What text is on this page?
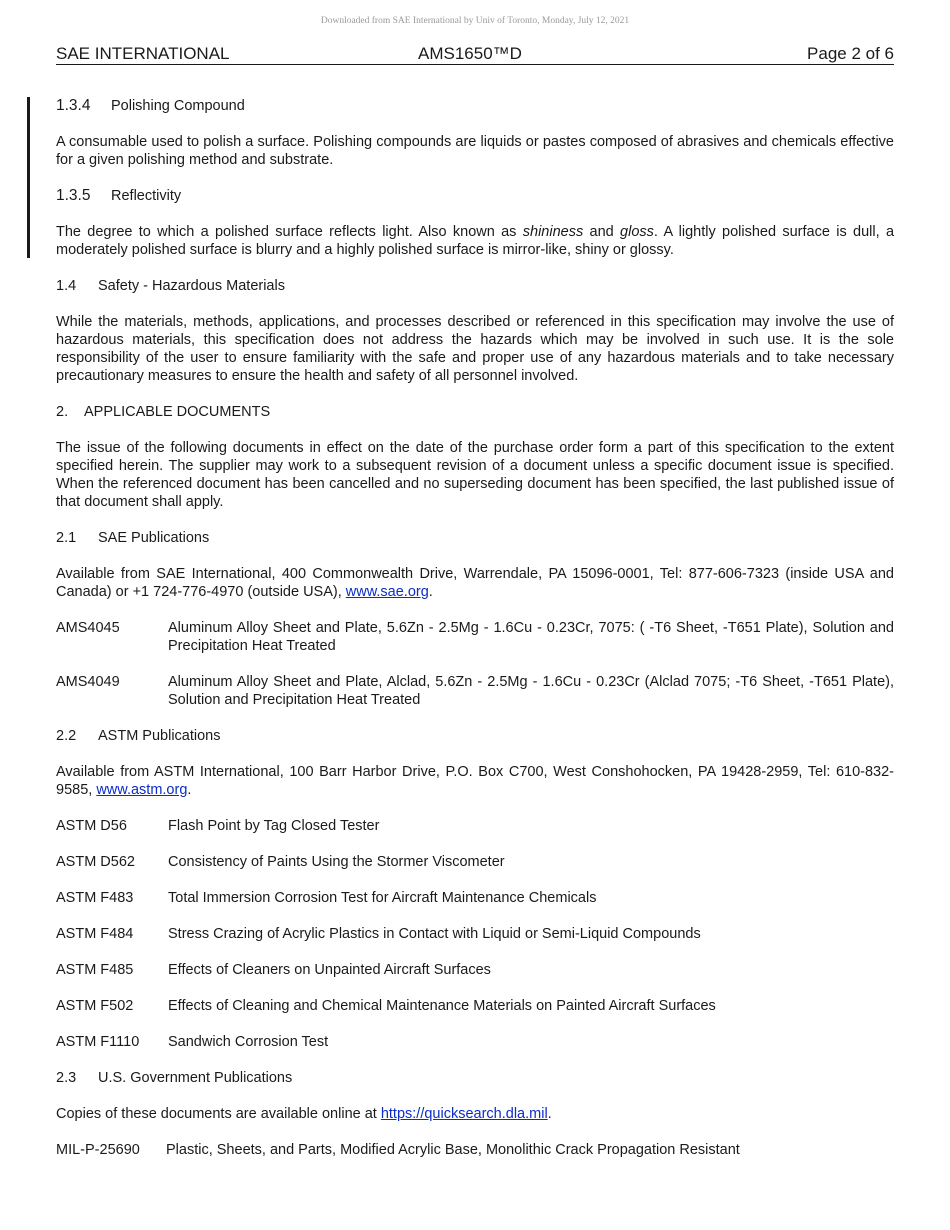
Downloaded from SAE International by Univ of Toronto, Monday, July 12, 2021
SAE INTERNATIONAL	AMS1650™D	Page 2 of 6
1.3.4 Polishing Compound

A consumable used to polish a surface. Polishing compounds are liquids or pastes composed of abrasives and chemicals effective for a given polishing method and substrate.

1.3.5 Reflectivity

The degree to which a polished surface reflects light. Also known as shininess and gloss. A lightly polished surface is dull, a moderately polished surface is blurry and a highly polished surface is mirror-like, shiny or glossy.

1.4 Safety - Hazardous Materials

While the materials, methods, applications, and processes described or referenced in this specification may involve the use of hazardous materials, this specification does not address the hazards which may be involved in such use. It is the sole responsibility of the user to ensure familiarity with the safe and proper use of any hazardous materials and to take necessary precautionary measures to ensure the health and safety of all personnel involved.

2. APPLICABLE DOCUMENTS

The issue of the following documents in effect on the date of the purchase order form a part of this specification to the extent specified herein. The supplier may work to a subsequent revision of a document unless a specific document issue is specified. When the referenced document has been cancelled and no superseding document has been specified, the last published issue of that document shall apply.

2.1 SAE Publications

Available from SAE International, 400 Commonwealth Drive, Warrendale, PA 15096-0001, Tel: 877-606-7323 (inside USA and Canada) or +1 724-776-4970 (outside USA), www.sae.org.

AMS4045	Aluminum Alloy Sheet and Plate, 5.6Zn - 2.5Mg - 1.6Cu - 0.23Cr, 7075: ( -T6 Sheet, -T651 Plate), Solution and Precipitation Heat Treated
AMS4049	Aluminum Alloy Sheet and Plate, Alclad, 5.6Zn - 2.5Mg - 1.6Cu - 0.23Cr (Alclad 7075; -T6 Sheet, -T651 Plate), Solution and Precipitation Heat Treated
2.2 ASTM Publications

Available from ASTM International, 100 Barr Harbor Drive, P.O. Box C700, West Conshohocken, PA 19428-2959, Tel: 610-832-9585, www.astm.org.

ASTM D56	Flash Point by Tag Closed Tester
ASTM D562	Consistency of Paints Using the Stormer Viscometer
ASTM F483	Total Immersion Corrosion Test for Aircraft Maintenance Chemicals
ASTM F484	Stress Crazing of Acrylic Plastics in Contact with Liquid or Semi-Liquid Compounds
ASTM F485	Effects of Cleaners on Unpainted Aircraft Surfaces
ASTM F502	Effects of Cleaning and Chemical Maintenance Materials on Painted Aircraft Surfaces
ASTM F1110	Sandwich Corrosion Test
2.3 U.S. Government Publications

Copies of these documents are available online at https://quicksearch.dla.mil.

MIL-P-25690	Plastic, Sheets, and Parts, Modified Acrylic Base, Monolithic Crack Propagation Resistant
